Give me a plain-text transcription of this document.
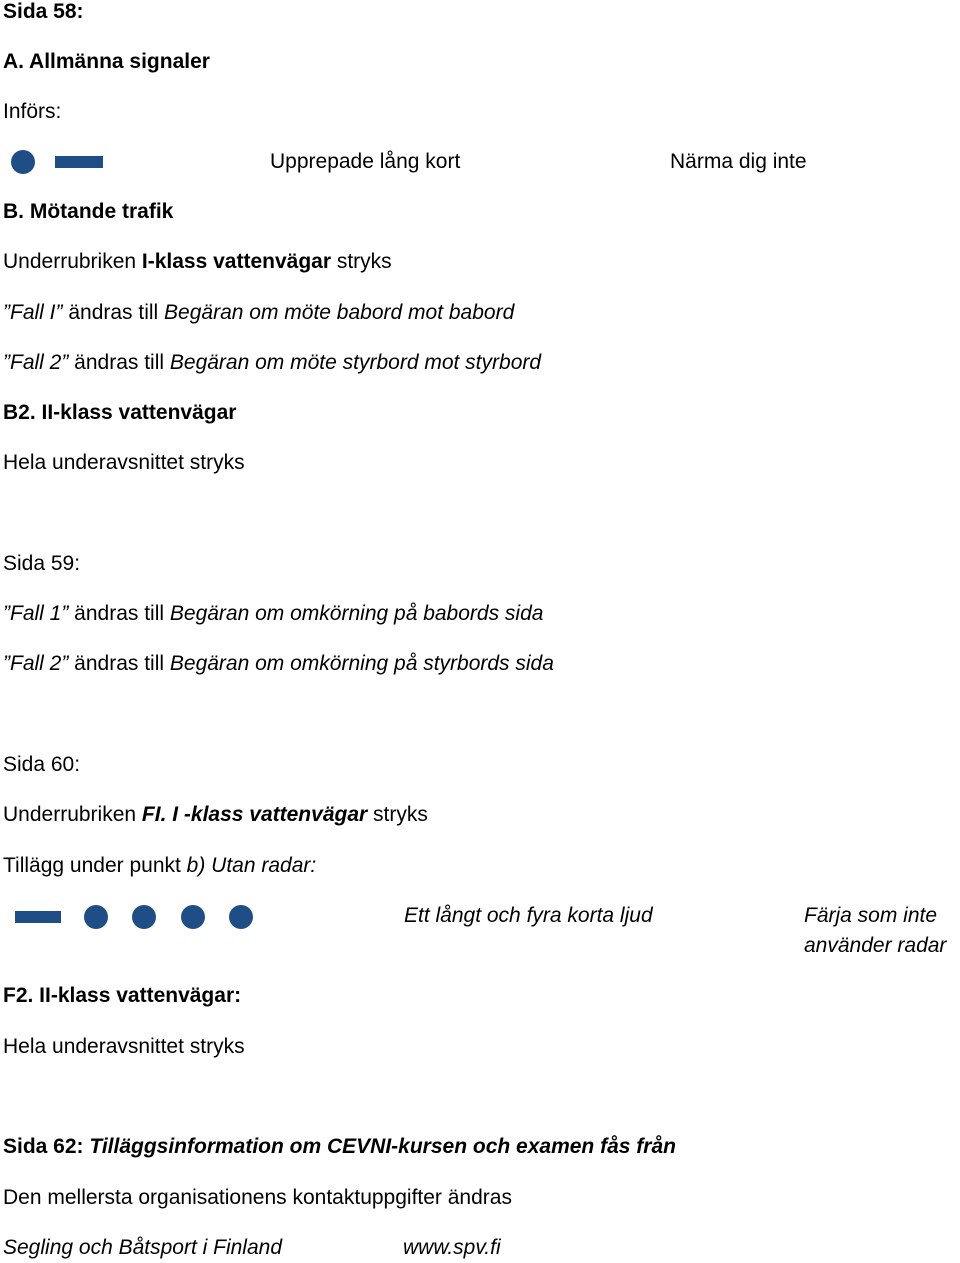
Sida 58:
A. Allmänna signaler
Införs:
Upprepade lång kort	Närma dig inte
B. Mötande trafik
Underrubriken I-klass vattenvägar stryks
”Fall I” ändras till Begäran om möte babord mot babord
”Fall 2” ändras till Begäran om möte styrbord mot styrbord
B2. II-klass vattenvägar
Hela underavsnittet stryks
Sida 59:
”Fall 1” ändras till Begäran om omkörning på babords sida
”Fall 2” ändras till Begäran om omkörning på styrbords sida
Sida 60:
Underrubriken FI. I -klass vattenvägar stryks
Tillägg under punkt b) Utan radar:
Ett långt och fyra korta ljud	Färja som inte
använder radar
F2. II-klass vattenvägar:
Hela underavsnittet stryks
Sida 62: Tilläggsinformation om CEVNI-kursen och examen fås från
Den mellersta organisationens kontaktuppgifter ändras
Segling och Båtsport i Finland	www.spv.fi
